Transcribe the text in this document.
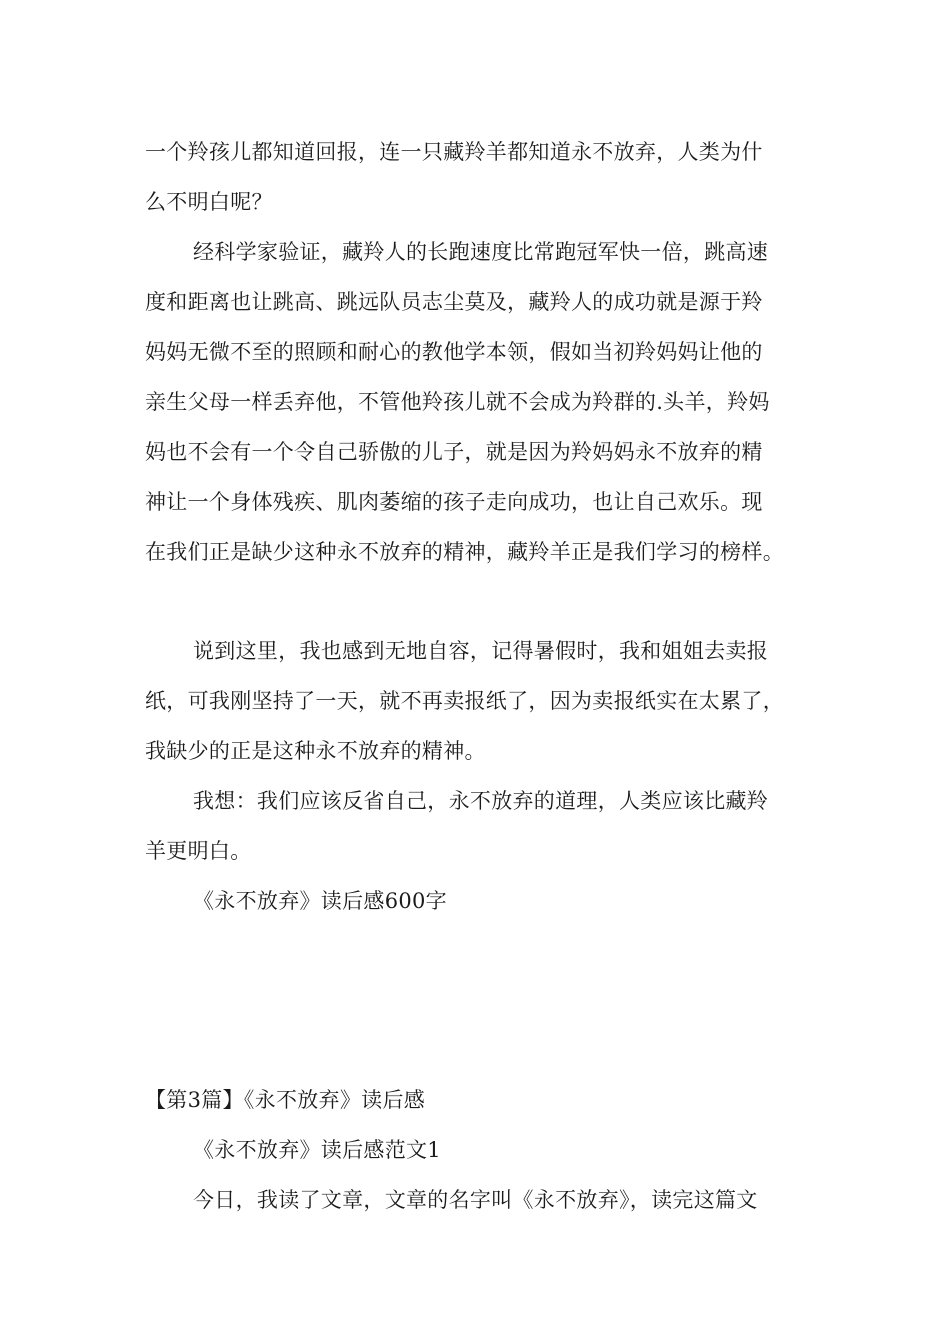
一个羚孩儿都知道回报，连一只藏羚羊都知道永不放弃，人类为什
么不明白呢？
经科学家验证，藏羚人的长跑速度比常跑冠军快一倍，跳高速
度和距离也让跳高、跳远队员志尘莫及，藏羚人的成功就是源于羚
妈妈无微不至的照顾和耐心的教他学本领，假如当初羚妈妈让他的
亲生父母一样丢弃他，不管他羚孩儿就不会成为羚群的.头羊，羚妈
妈也不会有一个令自己骄傲的儿子，就是因为羚妈妈永不放弃的精
神让一个身体残疾、肌肉萎缩的孩子走向成功，也让自己欢乐。现
在我们正是缺少这种永不放弃的精神，藏羚羊正是我们学习的榜样。
说到这里，我也感到无地自容，记得暑假时，我和姐姐去卖报
纸，可我刚坚持了一天，就不再卖报纸了，因为卖报纸实在太累了，
我缺少的正是这种永不放弃的精神。
我想：我们应该反省自己，永不放弃的道理，人类应该比藏羚
羊更明白。
《永不放弃》读后感600字
【第3篇】《永不放弃》读后感
《永不放弃》读后感范文1
今日，我读了文章，文章的名字叫《永不放弃》，读完这篇文
